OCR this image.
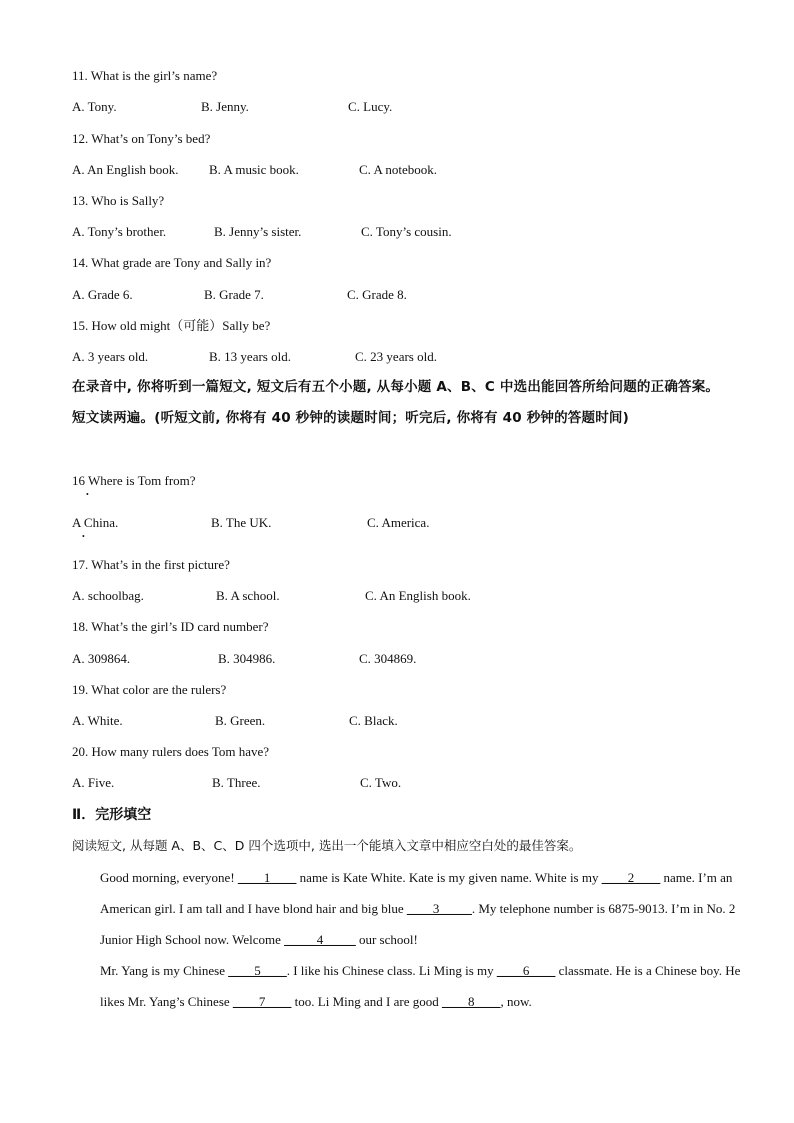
11. What is the girl’s name?
A. Tony.	B. Jenny.	C. Lucy.
12. What’s on Tony’s bed?
A. An English book. B. A music book.	C. A notebook.
13. Who is Sally?
A. Tony’s brother.	B. Jenny’s sister.	C. Tony’s cousin.
14. What grade are Tony and Sally in?
A. Grade 6.	B. Grade 7.	C. Grade 8.
15. How old might（可能）Sally be?
A. 3 years old.	B. 13 years old.	C. 23 years old.
在录音中, 你将听到一篇短文, 短文后有五个小题, 从每小题 A、B、C 中选出能回答所给问题的正确答案。短文读两遍。(听短文前, 你将有 40 秒钟的读题时间；听完后, 你将有 40 秒钟的答题时间)
16 Where is Tom from?
•
A China.	B. The UK.	C. America.
•
17. What’s in the first picture?
A. schoolbag.	B. A school.	C. An English book.
18. What’s the girl’s ID card number?
A. 309864.	B. 304986.	C. 304869.
19. What color are the rulers?
A. White.	B. Green.	C. Black.
20. How many rulers does Tom have?
A. Five.	B. Three.	C. Two.
Ⅱ．完形填空
阅读短文, 从每题 A、B、C、D 四个选项中, 选出一个能填入文章中相应空白处的最佳答案。
Good morning, everyone! ____1____ name is Kate White. Kate is my given name. White is my ____2____ name. I’m an American girl. I am tall and I have blond hair and big blue ____3_____. My telephone number is 6875-9013. I’m in No. 2 Junior High School now. Welcome _____4_____ our school!
Mr. Yang is my Chinese ____5____. I like his Chinese class. Li Ming is my ____6____ classmate. He is a Chinese boy. He likes Mr. Yang’s Chinese ____7____ too. Li Ming and I are good ____8____, now.
